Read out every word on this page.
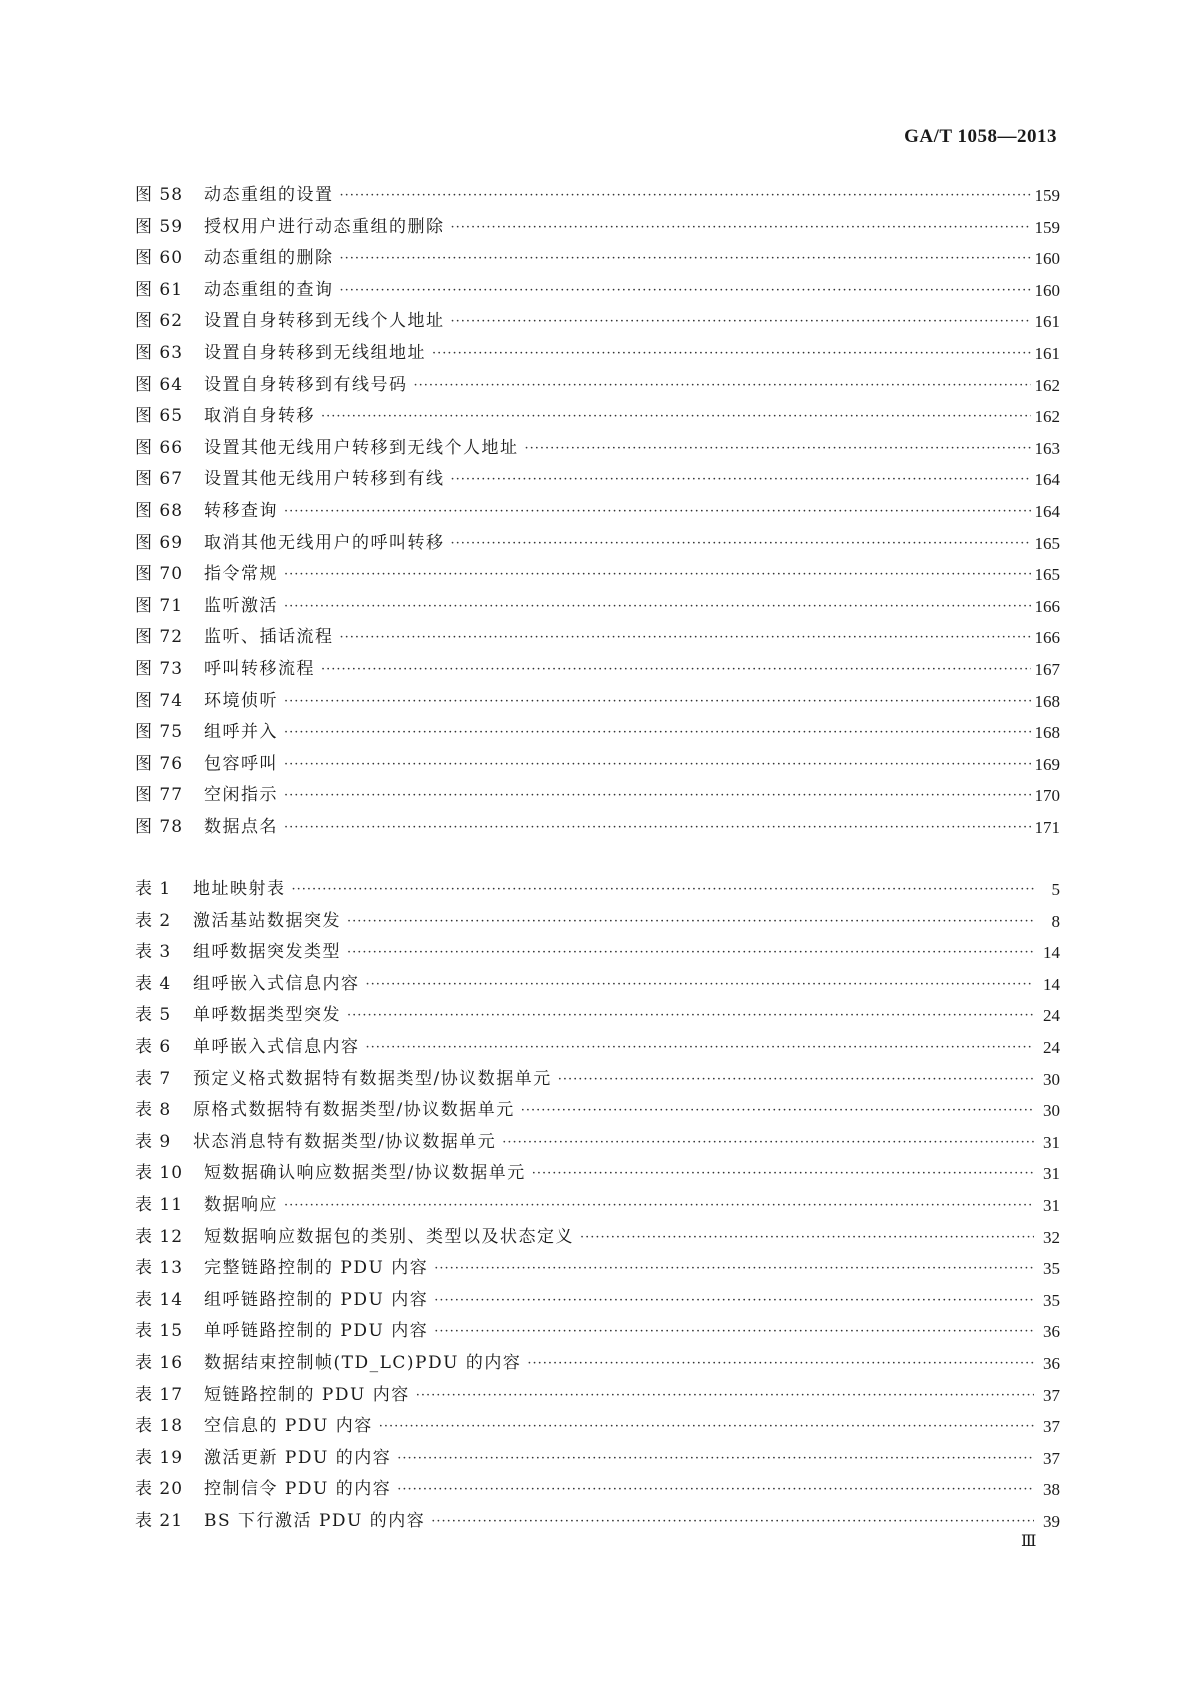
GA/T 1058—2013
图 58	动态重组的设置 ·····	159
图 59	授权用户进行动态重组的删除 ·····	159
图 60	动态重组的删除 ·····	160
图 61	动态重组的查询 ·····	160
图 62	设置自身转移到无线个人地址 ·····	161
图 63	设置自身转移到无线组地址 ·····	161
图 64	设置自身转移到有线号码 ·····	162
图 65	取消自身转移 ·····	162
图 66	设置其他无线用户转移到无线个人地址 ·····	163
图 67	设置其他无线用户转移到有线 ·····	164
图 68	转移查询 ·····	164
图 69	取消其他无线用户的呼叫转移 ·····	165
图 70	指令常规 ·····	165
图 71	监听激活 ·····	166
图 72	监听、插话流程 ·····	166
图 73	呼叫转移流程 ·····	167
图 74	环境侦听 ·····	168
图 75	组呼并入 ·····	168
图 76	包容呼叫 ·····	169
图 77	空闲指示 ·····	170
图 78	数据点名 ·····	171
表 1	地址映射表 ·····	5
表 2	激活基站数据突发 ·····	8
表 3	组呼数据突发类型 ·····	14
表 4	组呼嵌入式信息内容 ·····	14
表 5	单呼数据类型突发 ·····	24
表 6	单呼嵌入式信息内容 ·····	24
表 7	预定义格式数据特有数据类型/协议数据单元 ·····	30
表 8	原格式数据特有数据类型/协议数据单元 ·····	30
表 9	状态消息特有数据类型/协议数据单元 ·····	31
表 10	短数据确认响应数据类型/协议数据单元 ·····	31
表 11	数据响应 ·····	31
表 12	短数据响应数据包的类别、类型以及状态定义 ·····	32
表 13	完整链路控制的 PDU 内容 ·····	35
表 14	组呼链路控制的 PDU 内容 ·····	35
表 15	单呼链路控制的 PDU 内容 ·····	36
表 16	数据结束控制帧(TD_LC)PDU 的内容 ·····	36
表 17	短链路控制的 PDU 内容 ·····	37
表 18	空信息的 PDU 内容 ·····	37
表 19	激活更新 PDU 的内容 ·····	37
表 20	控制信令 PDU 的内容 ·····	38
表 21	BS 下行激活 PDU 的内容 ·····	39
Ⅲ
